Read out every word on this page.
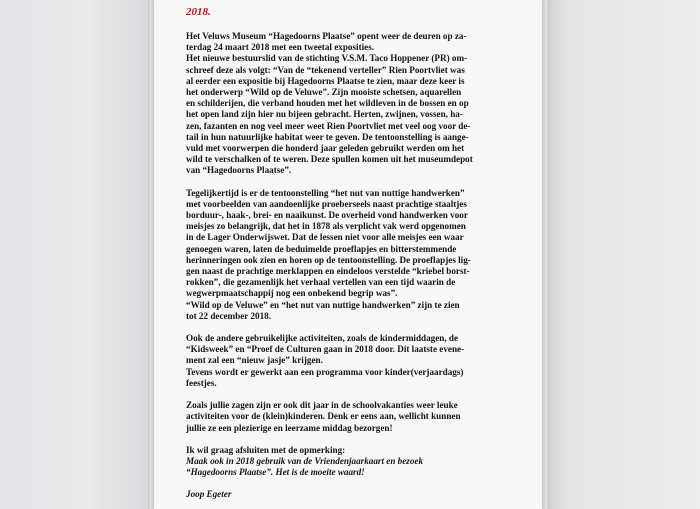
2018.
Het Veluws Museum “Hagedoorns Plaatse” opent weer de deuren op za-
terdag 24 maart 2018 met een tweetal exposities.
Het nieuwe bestuurslid van de stichting V.S.M. Taco Hoppener (PR) om-
schreef deze als volgt: “Van de “tekenend verteller” Rien Poortvliet was
al eerder een expositie bij Hagedoorns Plaatse te zien, maar deze keer is
het onderwerp “Wild op de Veluwe”. Zijn mooiste schetsen, aquarellen
en schilderijen, die verband houden met het wildleven in de bossen en op
het open land zijn hier nu bijeen gebracht. Herten, zwijnen, vossen, ha-
zen, fazanten en nog veel meer weet Rien Poortvliet met veel oog voor de-
tail in hun natuurlijke habitat weer te geven. De tentoonstelling is aange-
vuld met voorwerpen die honderd jaar geleden gebruikt werden om het
wild te verschalken of te weren. Deze spullen komen uit het museumdepot
van “Hagedoorns Plaatse”.
Tegelijkertijd is er de tentoonstelling “het nut van nuttige handwerken”
met voorbeelden van aandoenlijke proeberseels naast prachtige staaltjes
borduur-, haak-, brei- en naaikunst. De overheid vond handwerken voor
meisjes zo belangrijk, dat het in 1878 als verplicht vak werd opgenomen
in de Lager Onderwijswet. Dat de lessen niet voor alle meisjes een waar
genoegen waren, laten de beduimelde proeflapjes en bitterstemmende
herinneringen ook zien en horen op de tentoonstelling. De proeflapjes lig-
gen naast de prachtige merklappen en eindeloos verstelde “kriebel borst-
rokken”, die gezamenlijk het verhaal vertellen van een tijd waarin de
wegwerpmaatschappij nog een onbekend begrip was”.
“Wild op de Veluwe” en “het nut van nuttige handwerken” zijn te zien
tot 22 december 2018.
Ook de andere gebruikelijke activiteiten, zoals de kindermiddagen, de
“Kidsweek” en “Proef de Culturen gaan in 2018 door. Dit laatste evene-
ment zal een “nieuw jasje” krijgen.
Tevens wordt er gewerkt aan een programma voor kinder(verjaardags)
feestjes.
Zoals jullie zagen zijn er ook dit jaar in de schoolvakanties weer leuke
activiteiten voor de (klein)kinderen. Denk er eens aan, wellicht kunnen
jullie ze een plezierige en leerzame middag bezorgen!
Ik wil graag afsluiten met de opmerking:
Maak ook in 2018 gebruik van de Vriendenjaarkaart en bezoek
“Hagedoorns Plaatse”. Het is de moeite waard!
Joop Egeter
